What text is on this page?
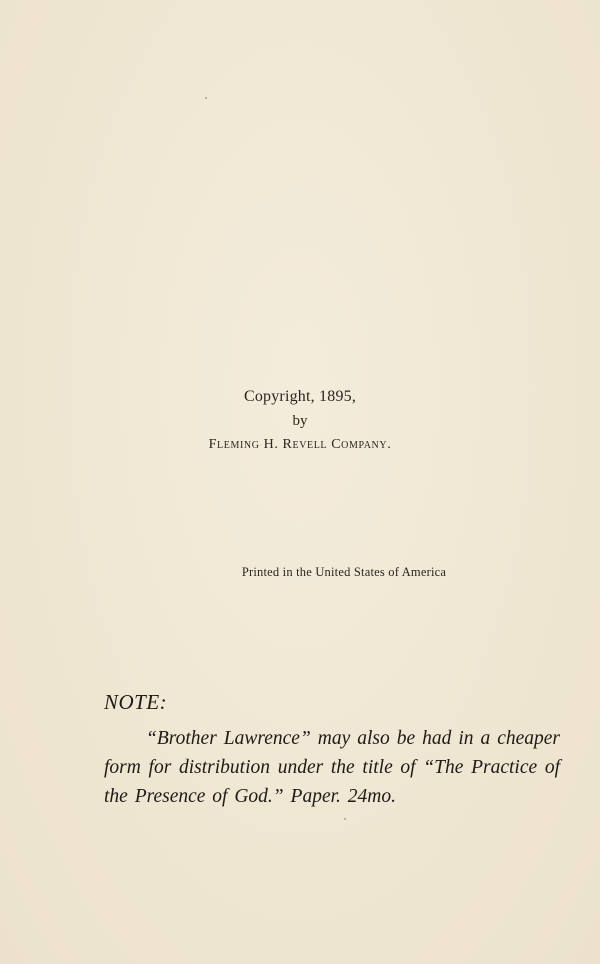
Copyright, 1895,

by

Fleming H. Revell Company.

Printed in the United States of America

NOTE:

“Brother Lawrence” may also be had in a cheaper form for distribution under the title of “The Practice of the Presence of God.” Paper. 24mo.
